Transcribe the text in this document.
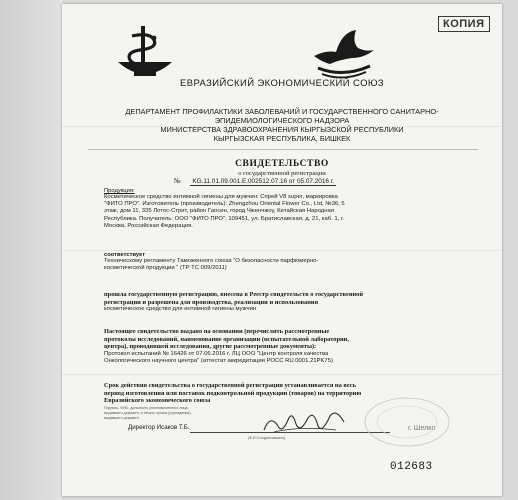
КОПИЯ
ЕВРАЗИЙСКИЙ ЭКОНОМИЧЕСКИЙ СОЮЗ
ДЕПАРТАМЕНТ ПРОФИЛАКТИКИ ЗАБОЛЕВАНИЙ И ГОСУДАРСТВЕННОГО САНИТАРНО-
ЭПИДЕМИОЛОГИЧЕСКОГО НАДЗОРА
МИНИСТЕРСТВА ЗДРАВООХРАНЕНИЯ КЫРГЫЗСКОЙ РЕСПУБЛИКИ
КЫРГЫЗСКАЯ РЕСПУБЛИКА, БИШКЕК
СВИДЕТЕЛЬСТВО
о государственной регистрации
№ KG.11.01.09.001.E.002512.07.16 от 05.07.2016 г.
Продукция:
Косметическое средство интимной гигиены для мужчин: Спрей V8 super, маркировка
"ФИТО ПРО". Изготовитель (производитель): Zhengzhou Oriental Flower Co., Ltd, №36, 5
этаж, дом 11, 335 Лотос-Стрит, район Гаосин, город Чженчжоу, Китайская Народная
Республика. Получатель: ООО "ФИТО ПРО", 109451, ул. Братиславская, д. 21, каб. 1, г.
Москва, Российская Федерация.
соответствует
Техническому регламенту Таможенного союза "О безопасности парфюмерно-
косметической продукции " (ТР ТС 009/2011)
прошла государственную регистрацию, внесена в Реестр свидетельств о государственной
регистрации и разрешена для производства, реализации и использования
косметическое средство для интимной гигиены мужчин
Настоящее свидетельство выдано на основании (перечислить рассмотренные
протоколы исследований, наименование организации (испытательной лаборатории,
центра), проводившей исследования, другие рассмотренные документы):
Протокол испытаний № 16426 от 07.06.2016 г. ЛЦ ООО "Центр контроля качества
Онкологического научного центра" (аттестат аккредитации РОСС RU.0001.21PK75)
Срок действия свидетельства о государственной регистрации устанавливается на весь
период изготовления или поставок подконтрольной продукции (товаров) на территорию
Евразийского экономического союза
Подпись, ФИО, должность уполномоченного лица,
выдавшего документ, и печать органа (учреждения),
выдавшего документ
Директор Исаков Т.Б.
(Ф.И.О.подписавшего)
г. Шелко
012683
